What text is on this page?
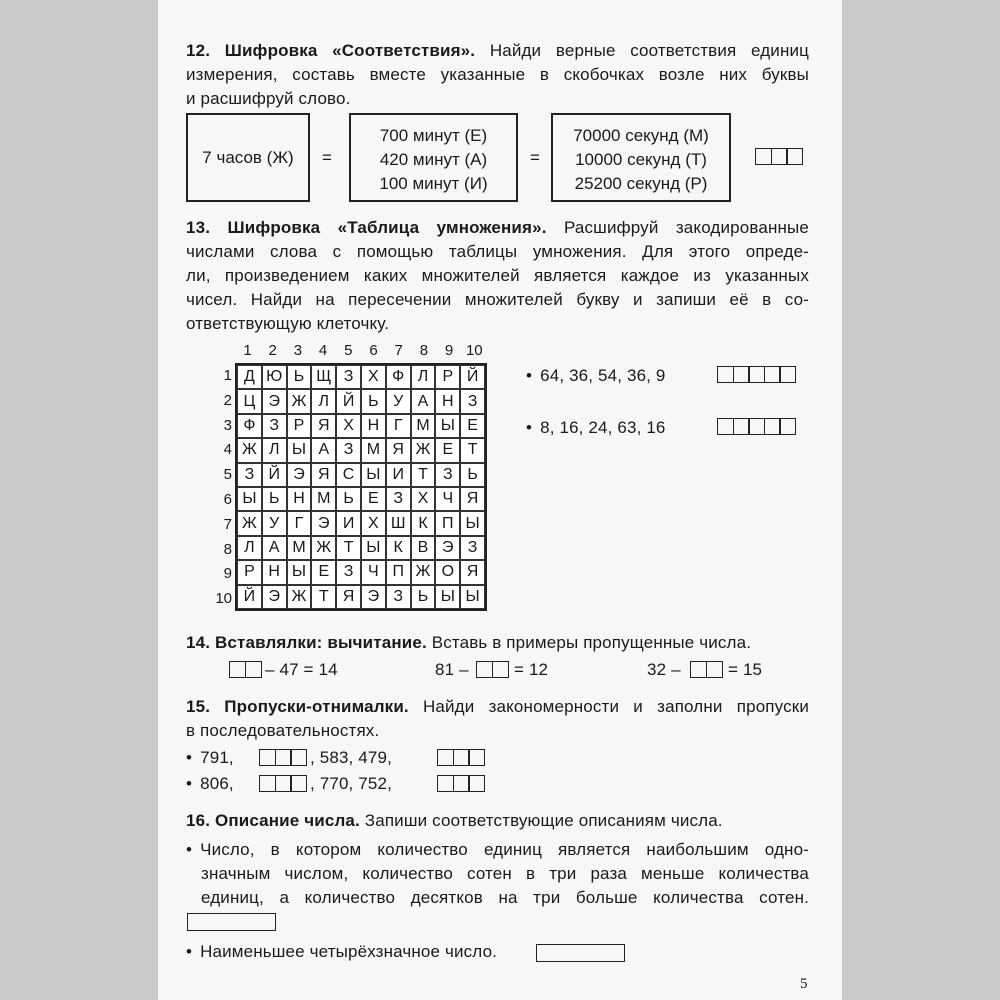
12. Шифровка «Соответствия». Найди верные соответствия единиц
измерения, составь вместе указанные в скобочках возле них буквы
и расшифруй слово.
7 часов (Ж) =
700 минут (Е)
420 минут (А)
100 минут (И)
=
70000 секунд (М)
10000 секунд (Т)
25200 секунд (Р)
13. Шифровка «Таблица умножения». Расшифруй закодированные
числами слова с помощью таблицы умножения. Для этого опреде-
ли, произведением каких множителей является каждое из указанных
чисел. Найди на пересечении множителей букву и запиши её в со-
ответствующую клеточку.
1	2	3	4	5	6	7	8	9 10
1
2
3
4
5
6
7
8
9
10
Д Ю Ь Щ З Х Ф Л Р Й
Ц Э Ж Л Й Ь У А Н З
Ф З Р Я Х Н Г М Ы Е
Ж Л Ы А З М Я Ж Е Т
З Й Э Я С Ы И Т З Ь
Ы Ь Н М Ь Е З Х Ч Я
Ж У Г Э И Х Ш К П Ы
Л А М Ж Т Ы К В Э З
Р Н Ы Е З Ч П Ж О Я
Й Э Ж Т Я Э З Ь Ы Ы
• 64, 36, 54, 36, 9
• 8, 16, 24, 63, 16
14. Вставлялки: вычитание. Вставь в примеры пропущенные числа.
– 47 = 14	81 –	= 12	32 –	= 15
15. Пропуски-отнималки. Найди закономерности и заполни пропуски
в последовательностях.
• 791,	, 583, 479,
• 806,	, 770, 752,
16. Описание числа. Запиши соответствующие описаниям числа.
• Число, в котором количество единиц является наибольшим одно-
значным числом, количество сотен в три раза меньше количества
единиц, а количество десятков на три больше количества сотен.
• Наименьшее четырёхзначное число.
5
